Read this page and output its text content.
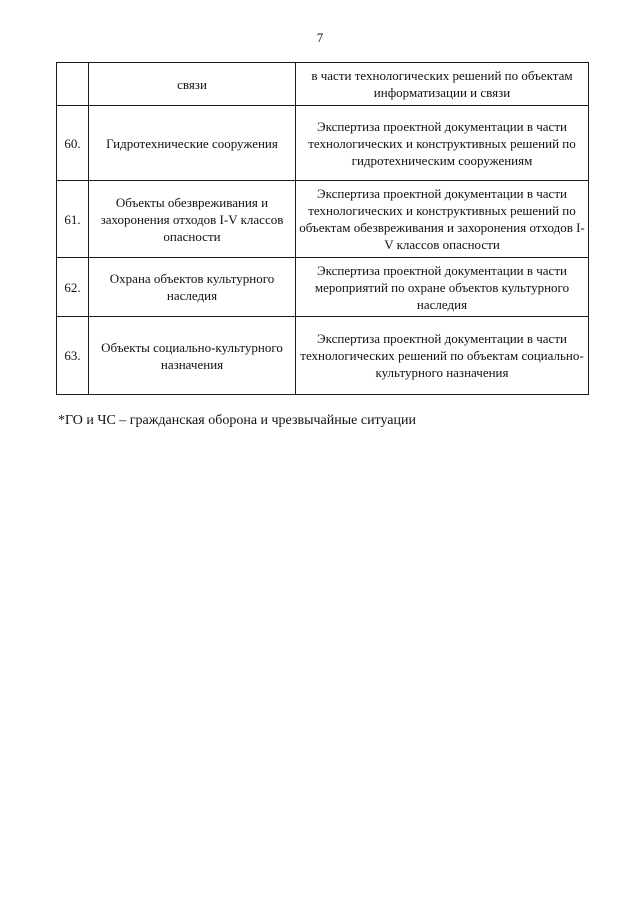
7
	связи	в части технологических решений по объектам информатизации и связи
60.	Гидротехнические сооружения	Экспертиза проектной документации в части технологических и конструктивных решений по гидротехническим сооружениям
61.	Объекты обезвреживания и захоронения отходов I-V классов опасности	Экспертиза проектной документации в части технологических и конструктивных решений по объектам обезвреживания и захоронения отходов I-V классов опасности
62.	Охрана объектов культурного наследия	Экспертиза проектной документации в части мероприятий по охране объектов культурного наследия
63.	Объекты социально-культурного назначения	Экспертиза проектной документации в части технологических решений по объектам социально-культурного назначения
*ГО и ЧС – гражданская оборона и чрезвычайные ситуации
